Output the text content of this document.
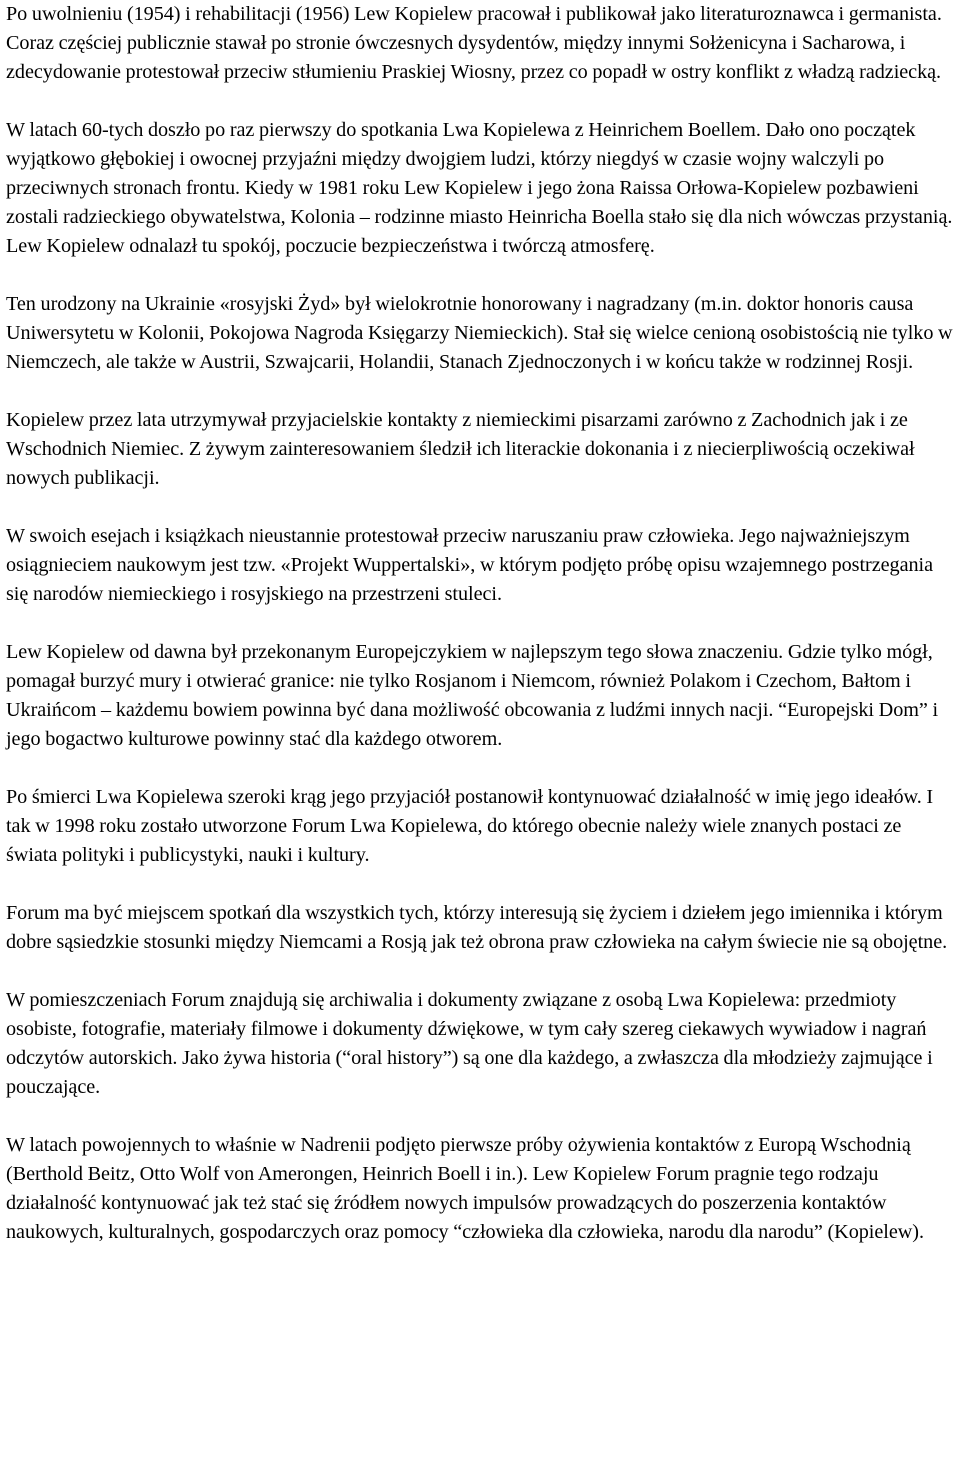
Po uwolnieniu (1954) i rehabilitacji (1956) Lew Kopielew pracował i publikował jako literaturoznawca i germanista. Coraz częściej publicznie stawał po stronie ówczesnych dysydentów, między innymi Sołżenicyna i Sacharowa, i zdecydowanie protestował przeciw stłumieniu Praskiej Wiosny, przez co popadł w ostry konflikt z władzą radziecką.

W latach 60-tych doszło po raz pierwszy do spotkania Lwa Kopielewa z Heinrichem Boellem. Dało ono początek wyjątkowo głębokiej i owocnej przyjaźni między dwojgiem ludzi, którzy niegdyś w czasie wojny walczyli po przeciwnych stronach frontu. Kiedy w 1981 roku Lew Kopielew i jego żona Raissa Orłowa-Kopielew pozbawieni zostali radzieckiego obywatelstwa, Kolonia – rodzinne miasto Heinricha Boella stało się dla nich wówczas przystanią. Lew Kopielew odnalazł tu spokój, poczucie bezpieczeństwa i twórczą atmosferę.

Ten urodzony na Ukrainie «rosyjski Żyd» był wielokrotnie honorowany i nagradzany (m.in. doktor honoris causa Uniwersytetu w Kolonii, Pokojowa Nagroda Księgarzy Niemieckich). Stał się wielce cenioną osobistością nie tylko w Niemczech, ale także w Austrii, Szwajcarii, Holandii, Stanach Zjednoczonych i w końcu także w rodzinnej Rosji.

Kopielew przez lata utrzymywał przyjacielskie kontakty z niemieckimi pisarzami zarówno z Zachodnich jak i ze Wschodnich Niemiec. Z żywym zainteresowaniem śledził ich literackie dokonania i z niecierpliwością oczekiwał nowych publikacji.

W swoich esejach i książkach nieustannie protestował przeciw naruszaniu praw człowieka. Jego najważniejszym osiągnieciem naukowym jest tzw. «Projekt Wuppertalski», w którym podjęto próbę opisu wzajemnego postrzegania się narodów niemieckiego i rosyjskiego na przestrzeni stuleci.

Lew Kopielew od dawna był przekonanym Europejczykiem w najlepszym tego słowa znaczeniu. Gdzie tylko mógł, pomagał burzyć mury i otwierać granice: nie tylko Rosjanom i Niemcom, również Polakom i Czechom, Bałtom i Ukraińcom – każdemu bowiem powinna być dana możliwość obcowania z ludźmi innych nacji. “Europejski Dom” i jego bogactwo kulturowe powinny stać dla każdego otworem.

Po śmierci Lwa Kopielewa szeroki krąg jego przyjaciół postanowił kontynuować działalność w imię jego ideałów. I tak w 1998 roku zostało utworzone Forum Lwa Kopielewa, do którego obecnie należy wiele znanych postaci ze świata polityki i publicystyki, nauki i kultury.

Forum ma być miejscem spotkań dla wszystkich tych, którzy interesują się życiem i dziełem jego imiennika i którym dobre sąsiedzkie stosunki między Niemcami a Rosją jak też obrona praw człowieka na całym świecie nie są obojętne.

W pomieszczeniach Forum znajdują się archiwalia i dokumenty związane z osobą Lwa Kopielewa: przedmioty osobiste, fotografie, materiały filmowe i dokumenty dźwiękowe, w tym cały szereg ciekawych wywiadow i nagrań odczytów autorskich. Jako żywa historia (“oral history”) są one dla każdego, a zwłaszcza dla młodzieży zajmujące i pouczające.

W latach powojennych to właśnie w Nadrenii podjęto pierwsze próby ożywienia kontaktów z Europą Wschodnią (Berthold Beitz, Otto Wolf von Amerongen, Heinrich Boell i in.). Lew Kopielew Forum pragnie tego rodzaju działalność kontynuować jak też stać się źródłem nowych impulsów prowadzących do poszerzenia kontaktów naukowych, kulturalnych, gospodarczych oraz pomocy “człowieka dla człowieka, narodu dla narodu” (Kopielew).
